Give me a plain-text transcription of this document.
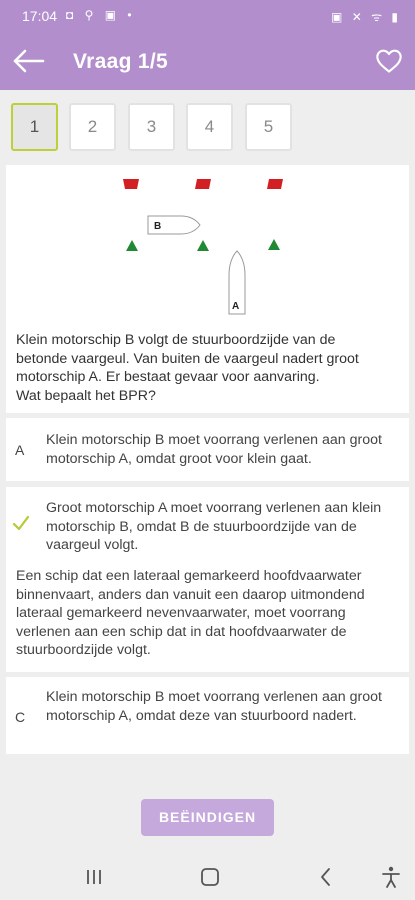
17:04 ◘ ⚲ ▣ •	▣ ✕ ᯤ ▮
Vraag 1/5
1	2	3	4	5
B
A
Klein motorschip B volgt de stuurboordzijde van de
betonde vaargeul. Van buiten de vaargeul nadert groot
motorschip A. Er bestaat gevaar voor aanvaring.
Wat bepaalt het BPR?
A
Klein motorschip B moet voorrang verlenen aan groot motorschip A, omdat groot voor klein gaat.
Groot motorschip A moet voorrang verlenen aan klein motorschip B, omdat B de stuurboordzijde van de vaargeul volgt.
Een schip dat een lateraal gemarkeerd hoofdvaarwater binnenvaart, anders dan vanuit een daarop uitmondend lateraal gemarkeerd nevenvaarwater, moet voorrang verlenen aan een schip dat in dat hoofdvaarwater de stuurboordzijde volgt.
C
Klein motorschip B moet voorrang verlenen aan groot motorschip A, omdat deze van stuurboord nadert.
BEËINDIGEN
